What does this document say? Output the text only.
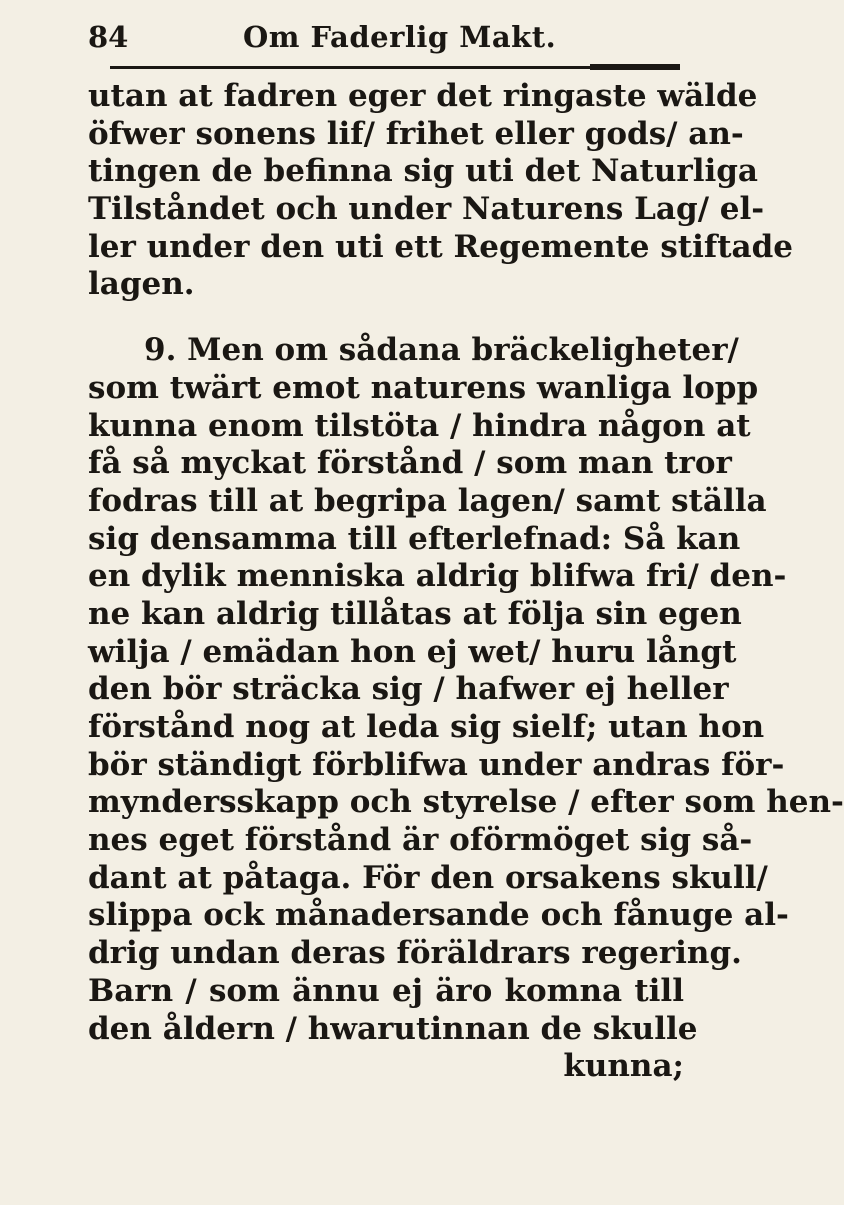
84	Om Faderlig Makt.
utan at fadren eger det ringaste wälde
öfwer sonens lif/ frihet eller gods/ an-
tingen de befinna sig uti det Naturliga
Tilståndet och under Naturens Lag/ el-
ler under den uti ett Regemente stiftade
lagen.
9. Men om sådana bräckeligheter/
som twärt emot naturens wanliga lopp
kunna enom tilstöta / hindra någon at
få så myckat förstånd / som man tror
fodras till at begripa lagen/ samt ställa
sig densamma till efterlefnad: Så kan
en dylik menniska aldrig blifwa fri/ den-
ne kan aldrig tillåtas at följa sin egen
wilja / emädan hon ej wet/ huru långt
den bör sträcka sig / hafwer ej heller
förstånd nog at leda sig sielf; utan hon
bör ständigt förblifwa under andras för-
myndersskapp och styrelse / efter som hen-
nes eget förstånd är oförmöget sig så-
dant at påtaga. För den orsakens skull/
slippa ock månadersande och fånuge al-
drig undan deras föräldrars regering.
Barn / som ännu ej äro komna till
den åldern / hwarutinnan de skulle
kunna;
